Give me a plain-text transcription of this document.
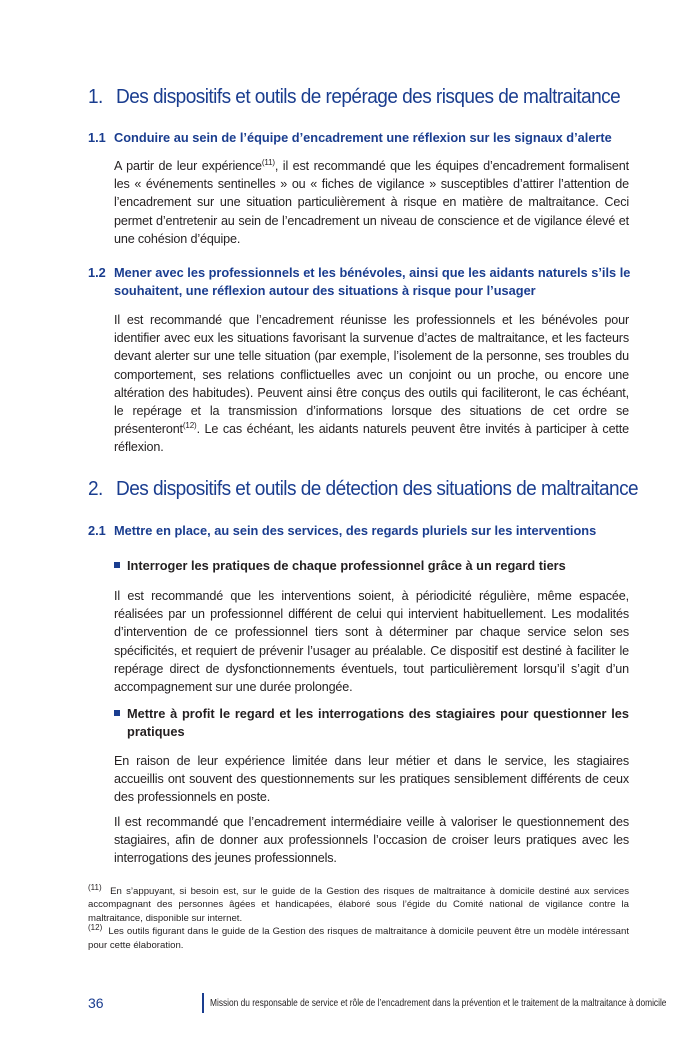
1. Des dispositifs et outils de repérage des risques de maltraitance
1.1 Conduire au sein de l’équipe d’encadrement une réflexion sur les signaux d’alerte

A partir de leur expérience$^{(11)}$, il est recommandé que les équipes d’encadrement formalisent les « événements sentinelles » ou « fiches de vigilance » susceptibles d’attirer l’attention de l’encadrement sur une situation particulièrement à risque en matière de maltraitance. Ceci permet d’entretenir au sein de l’encadrement un niveau de conscience et de vigilance élevé et une cohésion d’équipe.

1.2 Mener avec les professionnels et les bénévoles, ainsi que les aidants naturels s’ils le souhaitent, une réflexion autour des situations à risque pour l’usager

Il est recommandé que l’encadrement réunisse les professionnels et les bénévoles pour identifier avec eux les situations favorisant la survenue d’actes de maltraitance, et les facteurs devant alerter sur une telle situation (par exemple, l’isolement de la personne, ses troubles du comportement, ses relations conflictuelles avec un conjoint ou un proche, ou encore une altération des habitudes). Peuvent ainsi être conçus des outils qui faciliteront, le cas échéant, le repérage et la transmission d’informations lorsque des situations de cet ordre se présenteront$^{(12)}$. Le cas échéant, les aidants naturels peuvent être invités à participer à cette réflexion.

2. Des dispositifs et outils de détection des situations de maltraitance
2.1 Mettre en place, au sein des services, des regards pluriels sur les interventions
Interroger les pratiques de chaque professionnel grâce à un regard tiers

Il est recommandé que les interventions soient, à périodicité régulière, même espacée, réalisées par un professionnel différent de celui qui intervient habituellement. Les modalités d’intervention de ce professionnel tiers sont à déterminer par chaque service selon ses spécificités, et requiert de prévenir l’usager au préalable. Ce dispositif est destiné à faciliter le repérage direct de dysfonctionnements éventuels, tout particulièrement lorsqu’il s’agit d’un accompagnement sur une durée prolongée.

Mettre à profit le regard et les interrogations des stagiaires pour questionner les pratiques

En raison de leur expérience limitée dans leur métier et dans le service, les stagiaires accueillis ont souvent des questionnements sur les pratiques sensiblement différents de ceux des professionnels en poste.

Il est recommandé que l’encadrement intermédiaire veille à valoriser le questionnement des stagiaires, afin de donner aux professionnels l’occasion de croiser leurs pratiques avec les interrogations des jeunes professionnels.

$^{(11)}$ En s’appuyant, si besoin est, sur le guide de la Gestion des risques de maltraitance à domicile destiné aux services accompagnant des personnes âgées et handicapées, élaboré sous l’égide du Comité national de vigilance contre la maltraitance, disponible sur internet.

$^{(12)}$ Les outils figurant dans le guide de la Gestion des risques de maltraitance à domicile peuvent être un modèle intéressant pour cette élaboration.

36	Mission du responsable de service et rôle de l’encadrement dans la prévention et le traitement de la maltraitance à domicile
